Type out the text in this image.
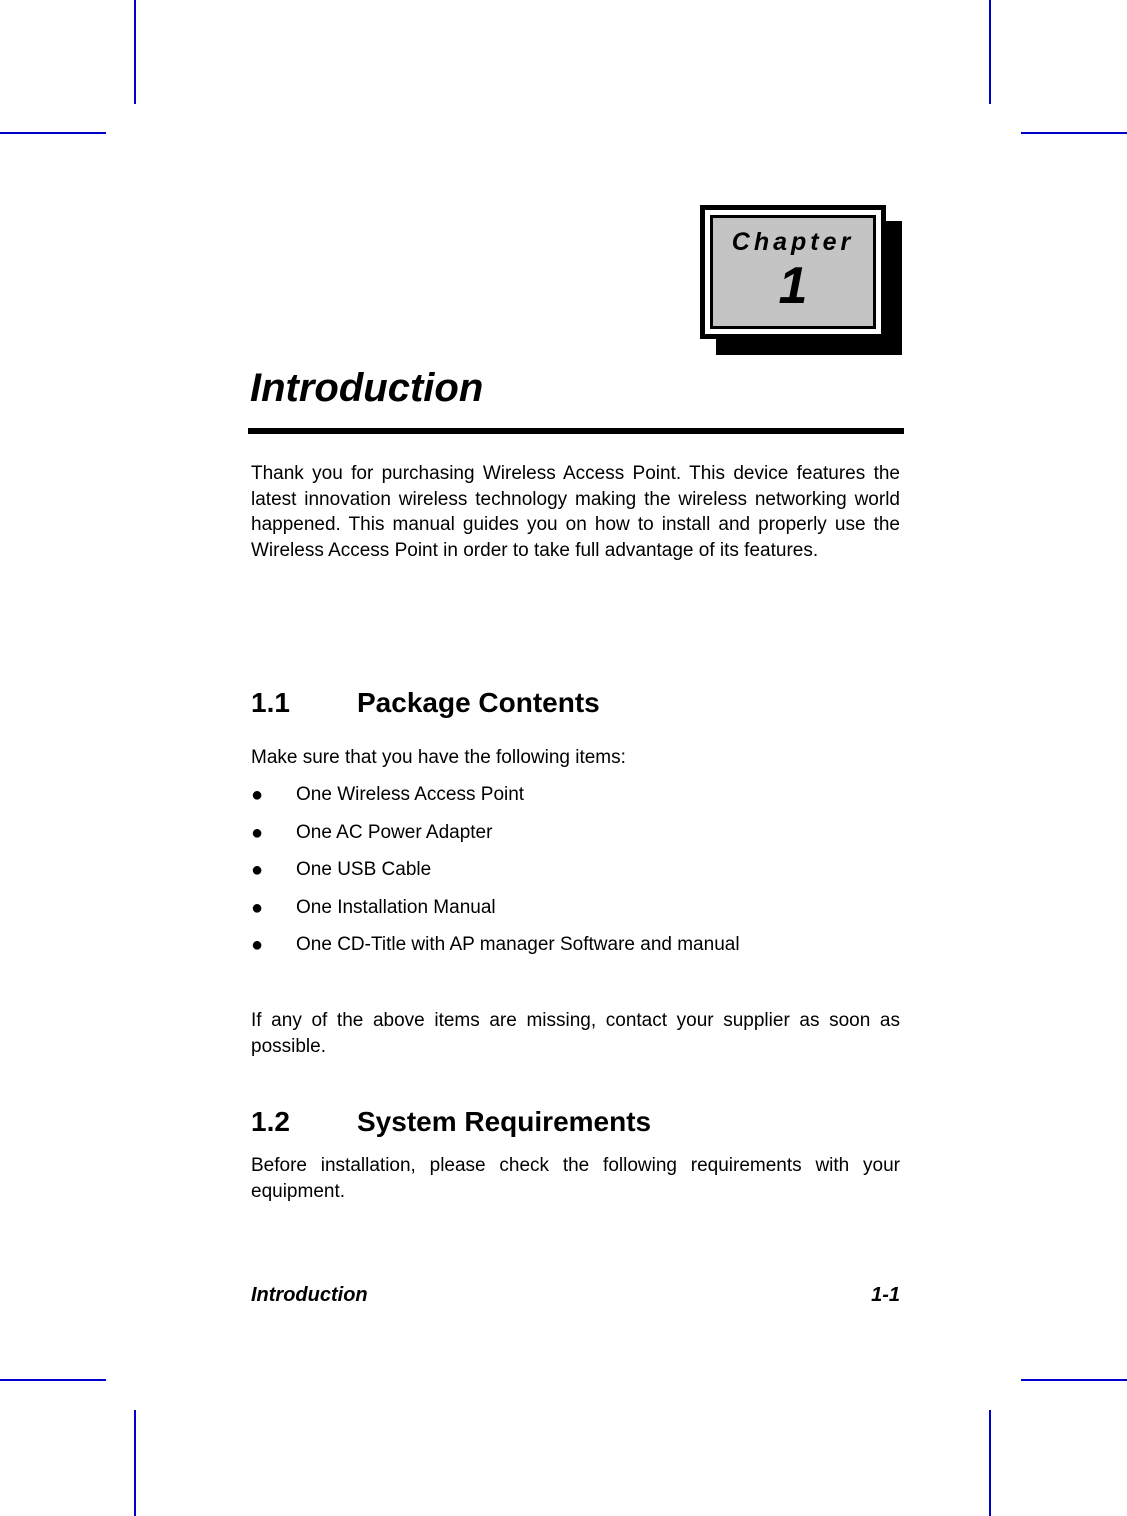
Chapter
1
Introduction

Thank you for purchasing Wireless Access Point. This device features the latest innovation wireless technology making the wireless networking world happened. This manual guides you on how to install and properly use the Wireless Access Point in order to take full advantage of its features.

1.1 Package Contents

Make sure that you have the following items:

● One Wireless Access Point
● One AC Power Adapter
● One USB Cable
● One Installation Manual
● One CD-Title with AP manager Software and manual

If any of the above items are missing, contact your supplier as soon as possible.

1.2 System Requirements

Before installation, please check the following requirements with your equipment.

Introduction	1-1
